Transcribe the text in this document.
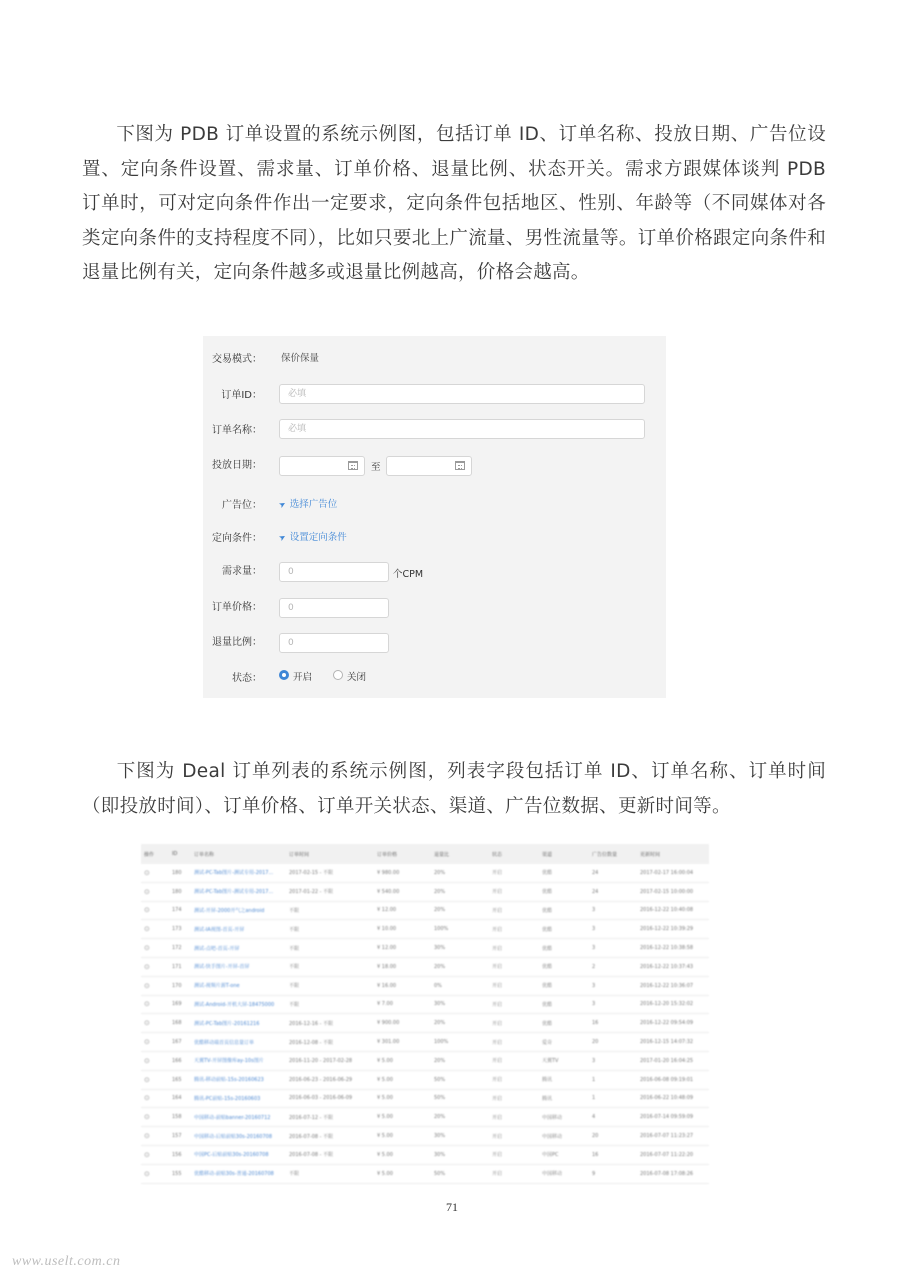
下图为 PDB 订单设置的系统示例图，包括订单 ID、订单名称、投放日期、广告位设置、定向条件设置、需求量、订单价格、退量比例、状态开关。需求方跟媒体谈判 PDB 订单时，可对定向条件作出一定要求，定向条件包括地区、性别、年龄等（不同媒体对各类定向条件的支持程度不同），比如只要北上广流量、男性流量等。订单价格跟定向条件和退量比例有关，定向条件越多或退量比例越高，价格会越高。

交易模式： 保价保量
订单ID：	必填
订单名称：	必填
投放日期：	至
广告位： ➤ 选择广告位
定向条件： ➤ 设置定向条件
需求量：	0	个CPM
订单价格：	0
退量比例：	0
状态：	开启	关闭

下图为 Deal 订单列表的系统示例图，列表字段包括订单 ID、订单名称、订单时间（即投放时间）、订单价格、订单开关状态、渠道、广告位数据、更新时间等。

操作	ID	订单名称	订单时间	订单价格	退量比	状态	渠道	广告位数量	更新时间
⊙	180	测试-PC-Tab图片-测试专用-2017...	2017-02-15 - 不限	¥ 980.00	20%	开启	优酷	24	2017-02-17 16:00:04
⊙	180	测试-PC-Tab图片-测试专用-2017...	2017-01-22 - 不限	¥ 540.00	20%	开启	优酷	24	2017-02-15 10:00:00
⊙	174	测试-开屏-2000开气之android	不限	¥ 12.00	20%	开启	优酷	3	2016-12-22 10:40:08
⊙	173	测试-IA视图-首页-开屏	不限	¥ 10.00	100%	开启	优酷	3	2016-12-22 10:39:29
⊙	172	测试-点吧-首页-开屏	不限	¥ 12.00	30%	开启	优酷	3	2016-12-22 10:38:58
⊙	171	测试-快手图片-开屏-首屏	不限	¥ 18.00	20%	开启	优酷	2	2016-12-22 10:37:43
⊙	170	测试-视频片源T-one	不限	¥ 16.00	0%	开启	优酷	3	2016-12-22 10:36:07
⊙	169	测试-Android-开机大屏-18475000	不限	¥ 7.00	30%	开启	优酷	3	2016-12-20 15:32:02
⊙	168	测试-PC-Tab图片-20161216	2016-12-16 - 不限	¥ 900.00	20%	开启	优酷	16	2016-12-22 09:54:09
⊙	167	优酷移动端首页信息量订单	2016-12-08 - 不限	¥ 301.00	100%	开启	爱奇	20	2016-12-15 14:07:32
⊙	166	天翼TV-开屏图像库ay-10s图片	2016-11-20 - 2017-02-28	¥ 5.00	20%	开启	天翼TV	3	2017-01-20 16:04:25
⊙	165	腾讯-移动前贴-15s-20160623	2016-06-23 - 2016-06-29	¥ 5.00	50%	开启	腾讯	1	2016-06-08 09:19:01
⊙	164	腾讯-PC前贴-15s-20160603	2016-06-03 - 2016-06-09	¥ 5.00	50%	开启	腾讯	1	2016-06-22 10:48:09
⊙	158	中国移动-前贴banner-20160712	2016-07-12 - 不限	¥ 5.00	20%	开启	中国移动	4	2016-07-14 09:59:09
⊙	157	中国移动-后贴前贴30s-20160708	2016-07-08 - 不限	¥ 5.00	30%	开启	中国移动	20	2016-07-07 11:23:27
⊙	156	中国PC-后贴前贴30s-20160708	2016-07-08 - 不限	¥ 5.00	30%	开启	中国PC	16	2016-07-07 11:22:20
⊙	155	优酷移动-前贴30s-普通-20160708	不限	¥ 5.00	50%	开启	中国移动	9	2016-07-08 17:08:26
71
www.uselt.com.cn
